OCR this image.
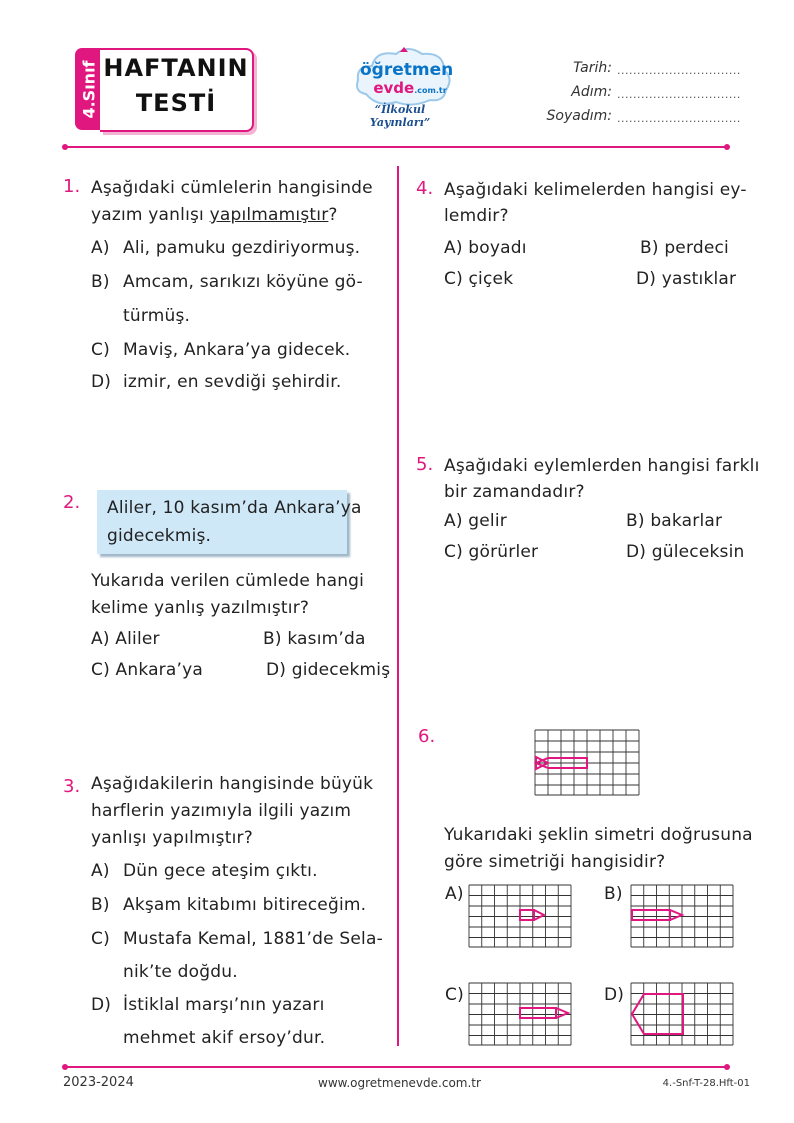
4.Sınıf HAFTANIN
TESTİ
öğretmen
evde.com.tr
“İlkokul Yayınları”
Tarih: ...............................
Adım: ...............................
Soyadım: ...............................
1. Aşağıdaki cümlelerin hangisinde
yazım yanlışı yapılmamıştır?
A) Ali, pamuku gezdiriyormuş.
B) Amcam, sarıkızı köyüne gö-
türmüş.
C) Maviş, Ankara’ya gidecek.
D) izmir, en sevdiği şehirdir.
2. Aliler, 10 kasım’da Ankara’ya
gidecekmiş.
Yukarıda verilen cümlede hangi
kelime yanlış yazılmıştır?
A) Aliler	B) kasım’da
C) Ankara’ya	D) gidecekmiş
3. Aşağıdakilerin hangisinde büyük
harflerin yazımıyla ilgili yazım
yanlışı yapılmıştır?
A) Dün gece ateşim çıktı.
B) Akşam kitabımı bitireceğim.
C) Mustafa Kemal, 1881’de Sela-
nik’te doğdu.
D) İstiklal marşı’nın yazarı
mehmet akif ersoy’dur.
4. Aşağıdaki kelimelerden hangisi ey-
lemdir?
A) boyadı	B) perdeci
C) çiçek	D) yastıklar
5. Aşağıdaki eylemlerden hangisi farklı
bir zamandadır?
A) gelir	B) bakarlar
C) görürler	D) güleceksin
6.
Yukarıdaki şeklin simetri doğrusuna
göre simetriği hangisidir?
A)	B)
C)	D)
2023-2024	www.ogretmenevde.com.tr	4.-Snf-T-28.Hft-01
